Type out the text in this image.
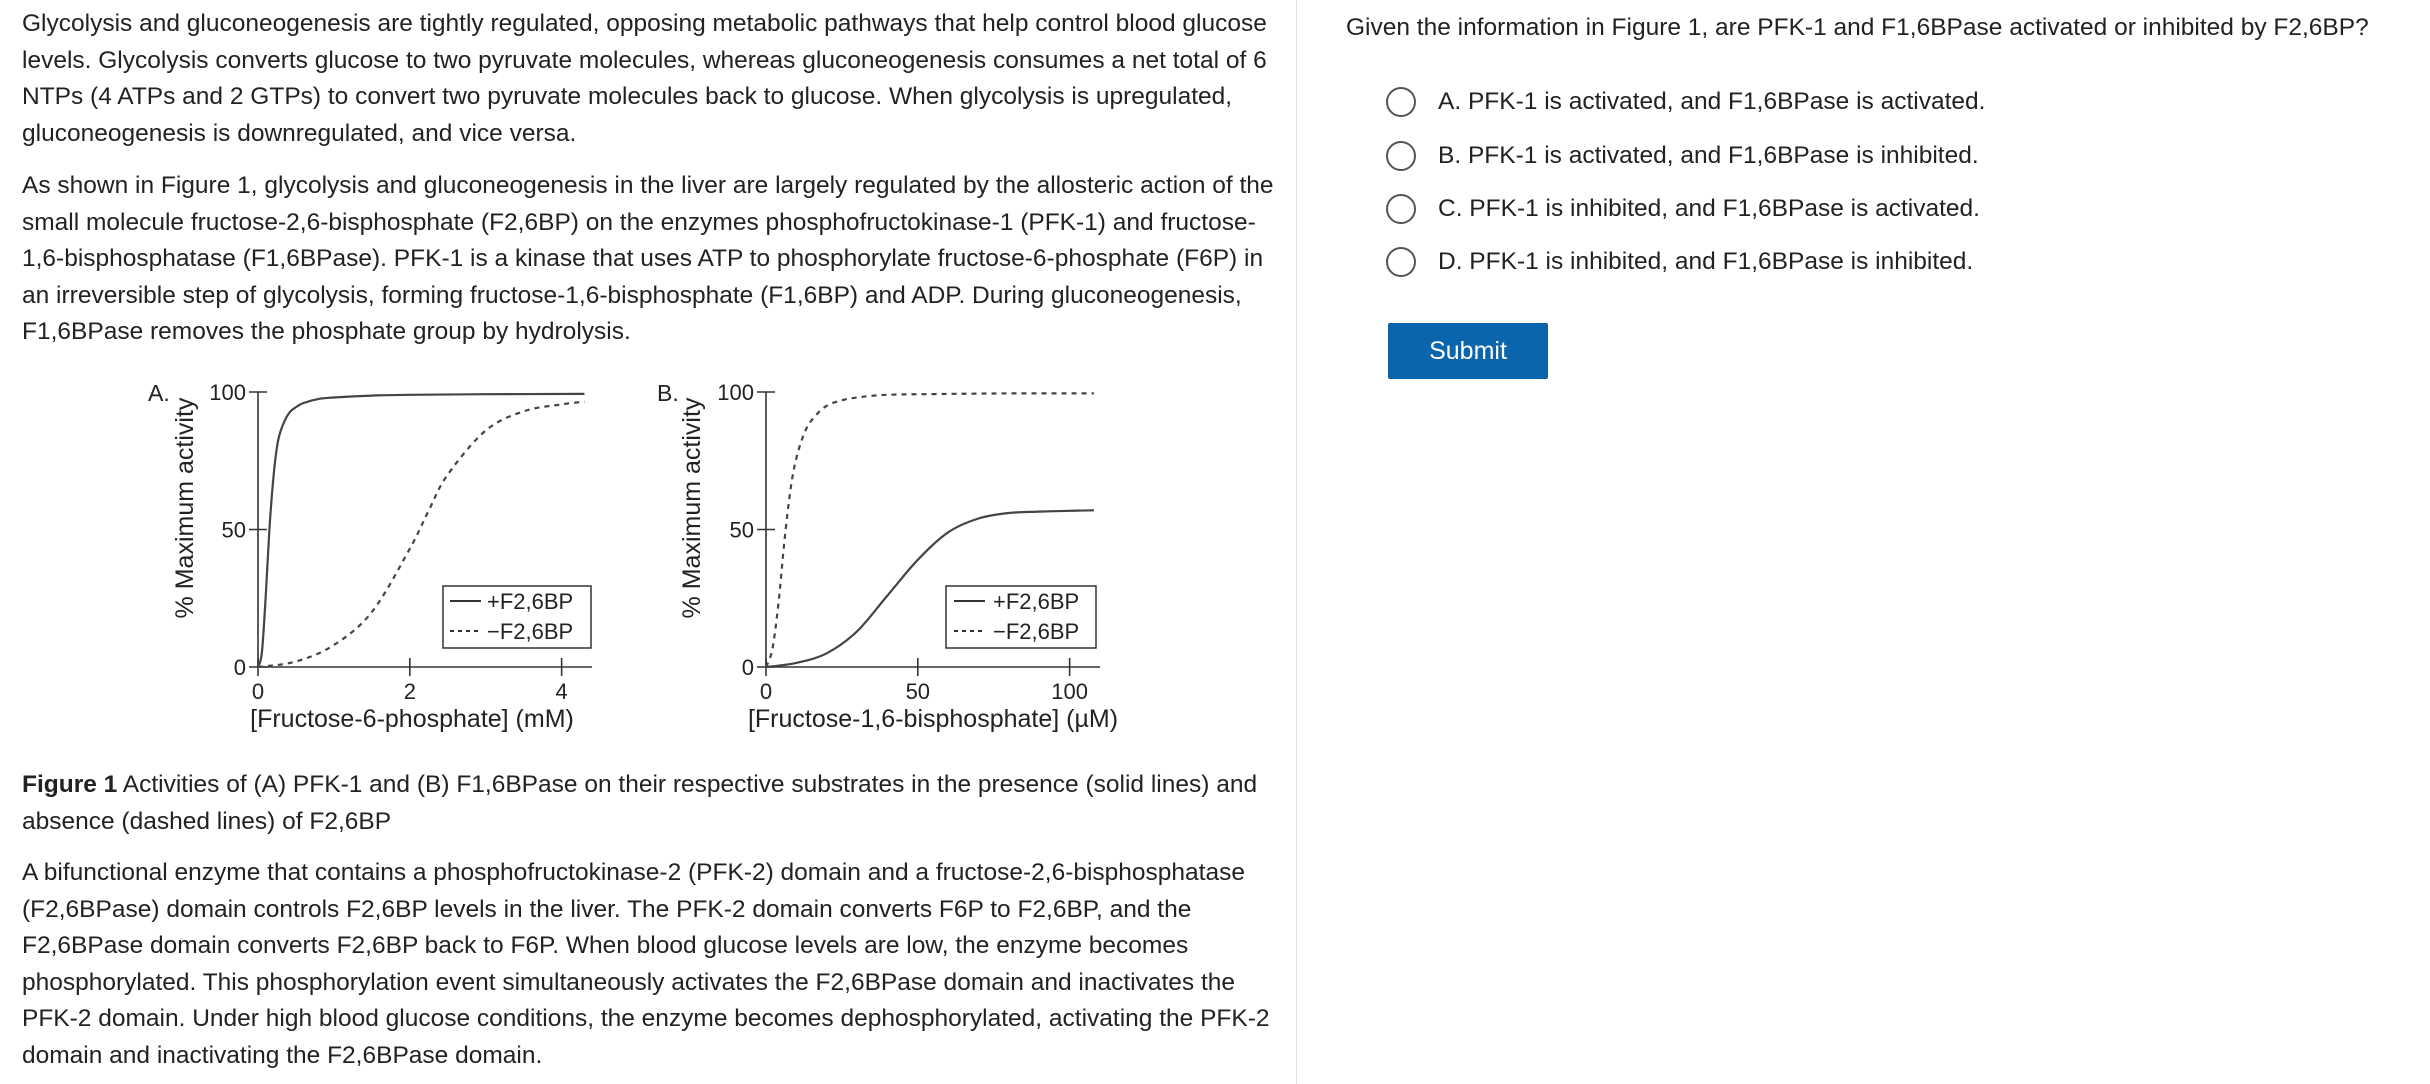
Glycolysis and gluconeogenesis are tightly regulated, opposing metabolic pathways that help control blood glucose levels. Glycolysis converts glucose to two pyruvate molecules, whereas gluconeogenesis consumes a net total of 6 NTPs (4 ATPs and 2 GTPs) to convert two pyruvate molecules back to glucose. When glycolysis is upregulated, gluconeogenesis is downregulated, and vice versa.

As shown in Figure 1, glycolysis and gluconeogenesis in the liver are largely regulated by the allosteric action of the small molecule fructose-2,6-bisphosphate (F2,6BP) on the enzymes phosphofructokinase-1 (PFK-1) and fructose-1,6-bisphosphatase (F1,6BPase). PFK-1 is a kinase that uses ATP to phosphorylate fructose-6-phosphate (F6P) in an irreversible step of glycolysis, forming fructose-1,6-bisphosphate (F1,6BP) and ADP. During gluconeogenesis, F1,6BPase removes the phosphate group by hydrolysis.

A.
% Maximum activity
[Fructose-6-phosphate] (mM)
0
50
100
0	2	4
+F2,6BP
−F2,6BP
B.
% Maximum activity
[Fructose-1,6-bisphosphate] (µM)
0
50
100
0	50	100
+F2,6BP
−F2,6BP

Figure 1 Activities of (A) PFK-1 and (B) F1,6BPase on their respective substrates in the presence (solid lines) and absence (dashed lines) of F2,6BP

A bifunctional enzyme that contains a phosphofructokinase-2 (PFK-2) domain and a fructose-2,6-bisphosphatase (F2,6BPase) domain controls F2,6BP levels in the liver. The PFK-2 domain converts F6P to F2,6BP, and the F2,6BPase domain converts F2,6BP back to F6P. When blood glucose levels are low, the enzyme becomes phosphorylated. This phosphorylation event simultaneously activates the F2,6BPase domain and inactivates the PFK-2 domain. Under high blood glucose conditions, the enzyme becomes dephosphorylated, activating the PFK-2 domain and inactivating the F2,6BPase domain.

Given the information in Figure 1, are PFK-1 and F1,6BPase activated or inhibited by F2,6BP?

A. PFK-1 is activated, and F1,6BPase is activated.
B. PFK-1 is activated, and F1,6BPase is inhibited.
C. PFK-1 is inhibited, and F1,6BPase is activated.
D. PFK-1 is inhibited, and F1,6BPase is inhibited.
Submit
